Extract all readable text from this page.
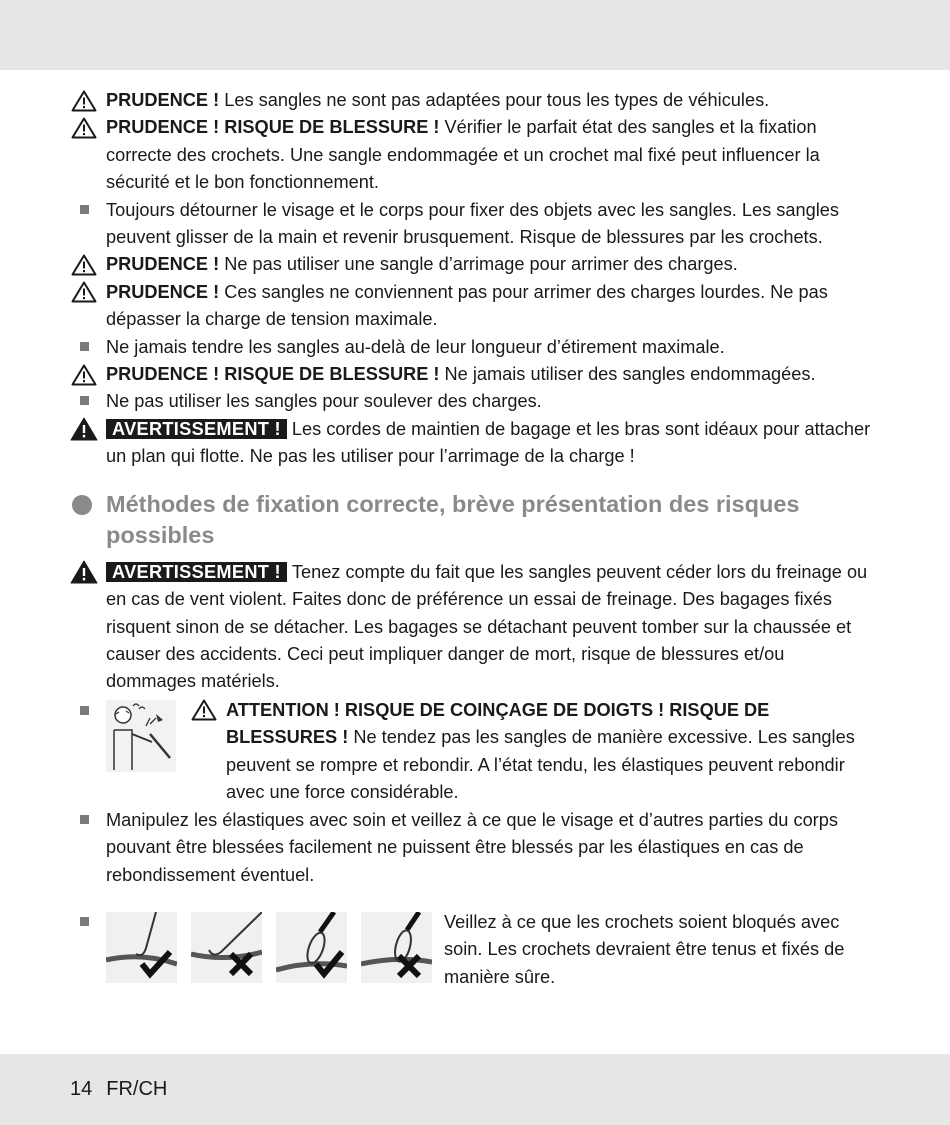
PRUDENCE ! Les sangles ne sont pas adaptées pour tous les types de véhicules.
PRUDENCE ! RISQUE DE BLESSURE ! Vérifier le parfait état des sangles et la fixation correcte des crochets. Une sangle endommagée et un crochet mal fixé peut influencer la sécurité et le bon fonctionnement.
Toujours détourner le visage et le corps pour fixer des objets avec les sangles. Les sangles peuvent glisser de la main et revenir brusquement. Risque de blessures par les crochets.
PRUDENCE ! Ne pas utiliser une sangle d’arrimage pour arrimer des charges.
PRUDENCE ! Ces sangles ne conviennent pas pour arrimer des charges lourdes. Ne pas dépasser la charge de tension maximale.
Ne jamais tendre les sangles au-delà de leur longueur d’étirement maximale.
PRUDENCE ! RISQUE DE BLESSURE ! Ne jamais utiliser des sangles endommagées.
Ne pas utiliser les sangles pour soulever des charges.
AVERTISSEMENT ! Les cordes de maintien de bagage et les bras sont idéaux pour attacher un plan qui flotte. Ne pas les utiliser pour l’arrimage de la charge !
Méthodes de fixation correcte, brève présentation des risques possibles
AVERTISSEMENT ! Tenez compte du fait que les sangles peuvent céder lors du freinage ou en cas de vent violent. Faites donc de préférence un essai de freinage. Des bagages fixés risquent sinon de se détacher. Les bagages se détachant peuvent tomber sur la chaussée et causer des accidents. Ceci peut impliquer danger de mort, risque de blessures et/ou dommages matériels.
ATTENTION ! RISQUE DE COINÇAGE DE DOIGTS ! RISQUE DE BLESSURES ! Ne tendez pas les sangles de manière excessive. Les sangles peuvent se rompre et rebondir. A l’état tendu, les élastiques peuvent rebondir avec une force considérable.
Manipulez les élastiques avec soin et veillez à ce que le visage et d’autres parties du corps pouvant être blessées facilement ne puissent être blessés par les élastiques en cas de rebondissement éventuel.
Veillez à ce que les crochets soient bloqués avec soin. Les crochets devraient être tenus et fixés de manière sûre.
14 FR/CH
